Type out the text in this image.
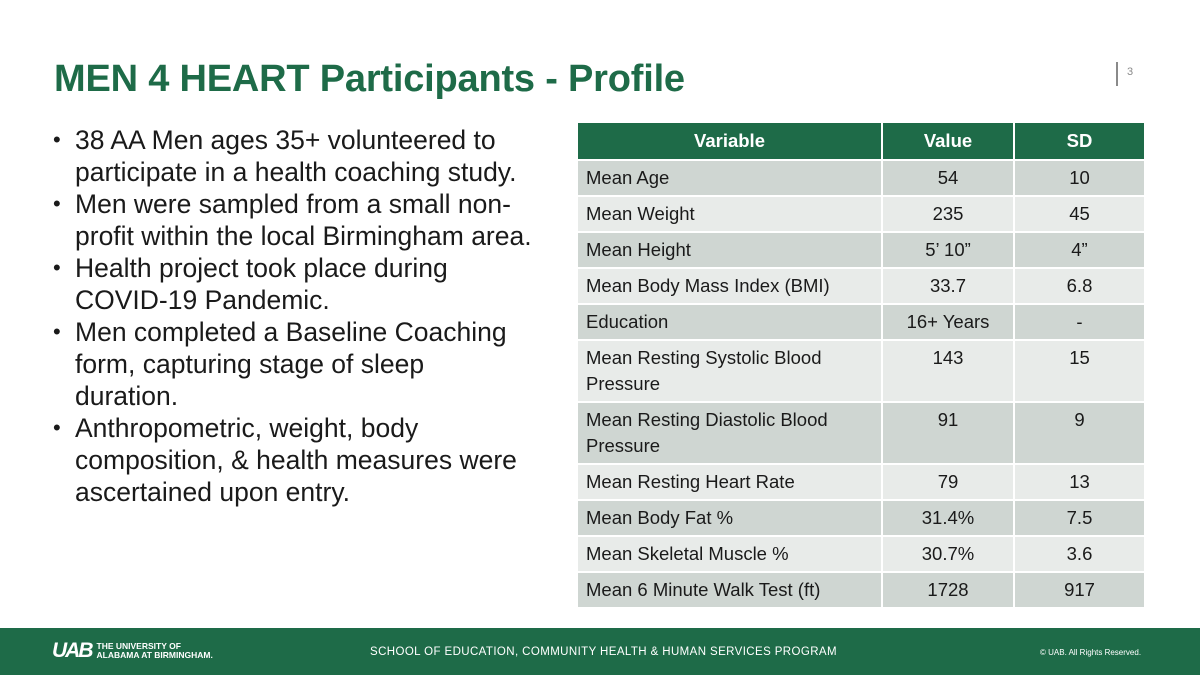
MEN 4 HEART Participants - Profile	3
• 38 AA Men ages 35+ volunteered to participate in a health coaching study.
• Men were sampled from a small non-profit within the local Birmingham area.
• Health project took place during COVID-19 Pandemic.
• Men completed a Baseline Coaching form, capturing stage of sleep duration.
• Anthropometric, weight, body composition, & health measures were ascertained upon entry.
Variable	Value	SD
Mean Age	54	10
Mean Weight	235	45
Mean Height	5’ 10”	4”
Mean Body Mass Index (BMI)	33.7	6.8
Education	16+ Years	-
Mean Resting Systolic Blood Pressure	143	15
Mean Resting Diastolic Blood Pressure	91	9
Mean Resting Heart Rate	79	13
Mean Body Fat %	31.4%	7.5
Mean Skeletal Muscle %	30.7%	3.6
Mean 6 Minute Walk Test (ft)	1728	917
UAB THE UNIVERSITY OF
ALABAMA AT BIRMINGHAM.	SCHOOL OF EDUCATION, COMMUNITY HEALTH & HUMAN SERVICES PROGRAM	© UAB. All Rights Reserved.
